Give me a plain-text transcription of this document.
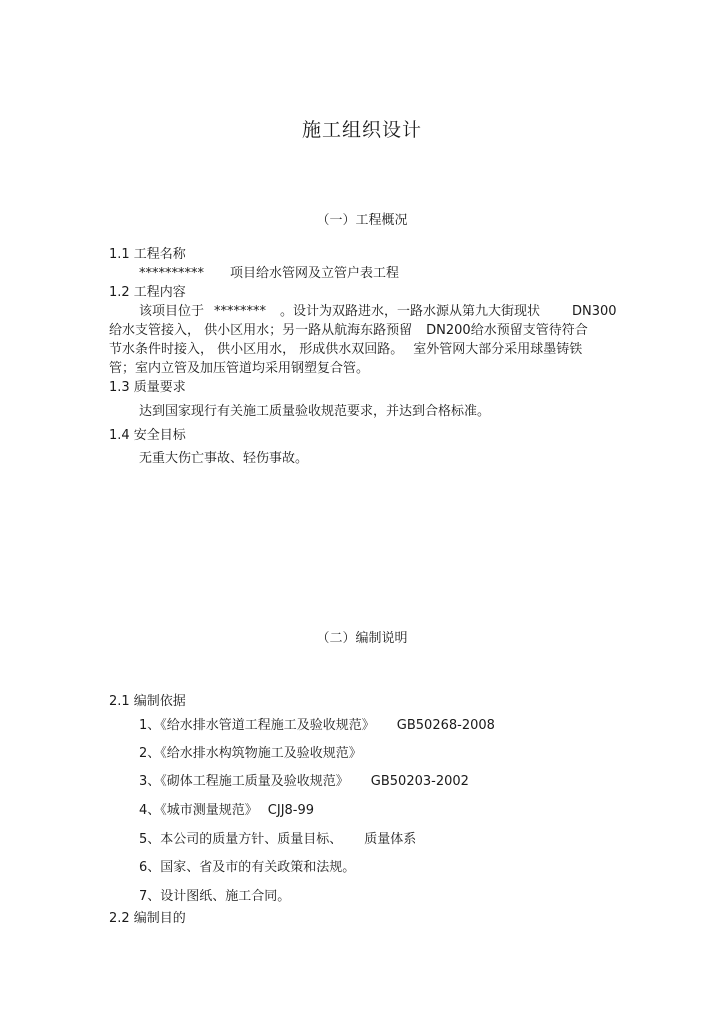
施工组织设计
（一）工程概况
1.1 工程名称
********** 项目给水管网及立管户表工程
1.2 工程内容
该项目位于 ******** 。设计为双路进水，一路水源从第九大街现状 DN300
给水支管接入， 供小区用水；另一路从航海东路预留 DN200给水预留支管待符合
节水条件时接入， 供小区用水， 形成供水双回路。 室外管网大部分采用球墨铸铁
管；室内立管及加压管道均采用钢塑复合管。
1.3 质量要求
达到国家现行有关施工质量验收规范要求，并达到合格标准。
1.4 安全目标
无重大伤亡事故、轻伤事故。
（二）编制说明
2.1 编制依据
1、《给水排水管道工程施工及验收规范》 GB50268-2008
2、《给水排水构筑物施工及验收规范》
3、《砌体工程施工质量及验收规范》 GB50203-2002
4、《城市测量规范》 CJJ8-99
5、本公司的质量方针、质量目标、 质量体系
6、国家、省及市的有关政策和法规。
7、设计图纸、施工合同。
2.2 编制目的
